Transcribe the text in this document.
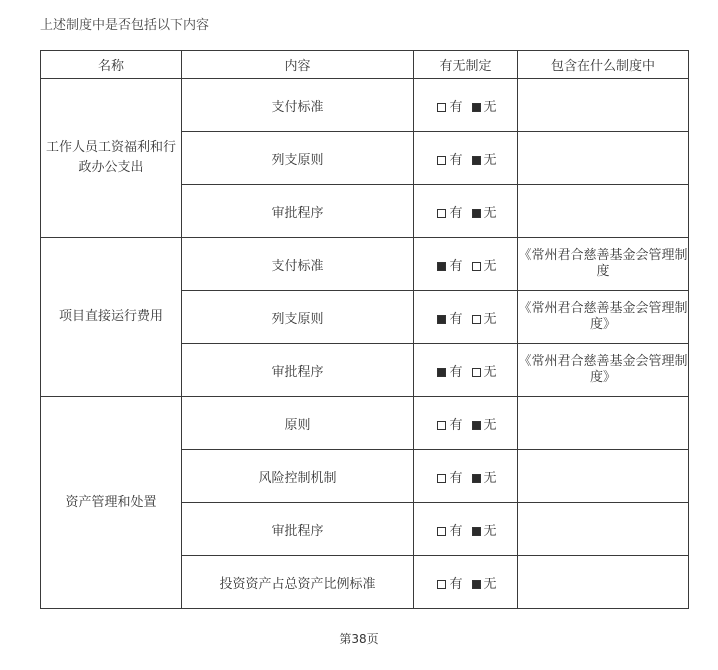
上述制度中是否包括以下内容
名称	内容	有无制定	包含在什么制度中
工作人员工资福利和行政办公支出	支付标准	有 无	
	列支原则	有 无	
	审批程序	有 无	
项目直接运行费用	支付标准	有 无	《常州君合慈善基金会管理制度
	列支原则	有 无	《常州君合慈善基金会管理制度》
	审批程序	有 无	《常州君合慈善基金会管理制度》
资产管理和处置	原则	有 无	
	风险控制机制	有 无	
	审批程序	有 无	
	投资资产占总资产比例标准	有 无	
第38页
